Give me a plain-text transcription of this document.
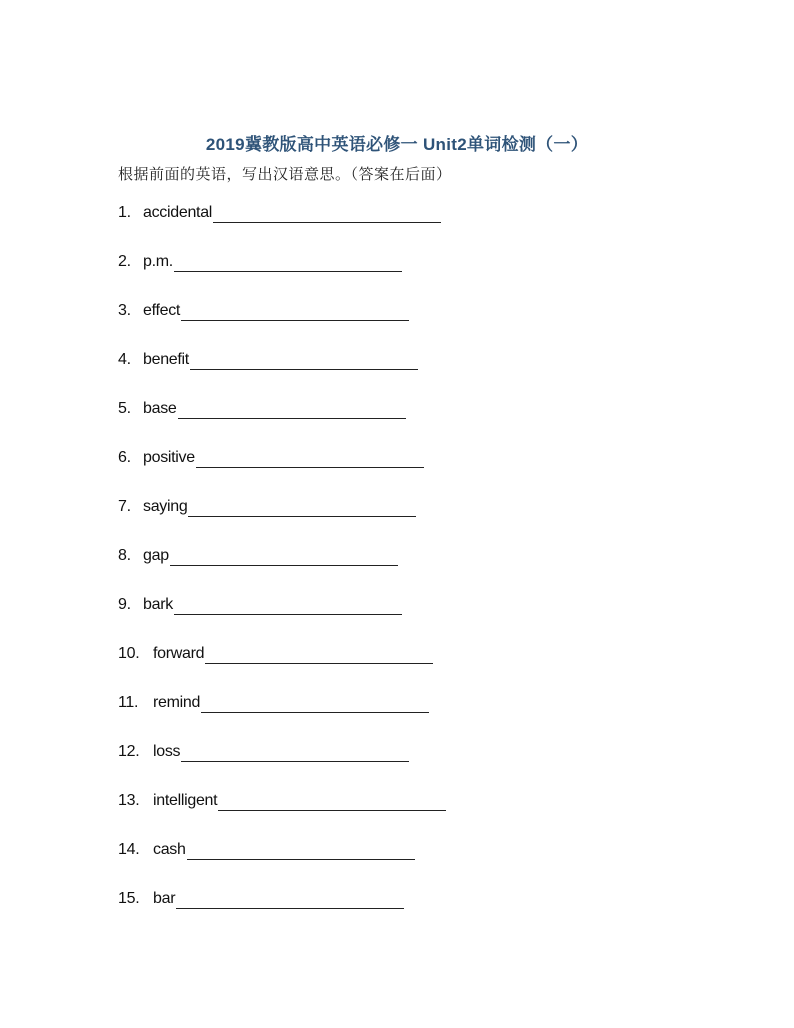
2019冀教版高中英语必修一 Unit2单词检测（一）
根据前面的英语，写出汉语意思。（答案在后面）
1. accidental
2. p.m.
3. effect
4. benefit
5. base
6. positive
7. saying
8. gap
9. bark
10. forward
11. remind
12. loss
13. intelligent
14. cash
15. bar
